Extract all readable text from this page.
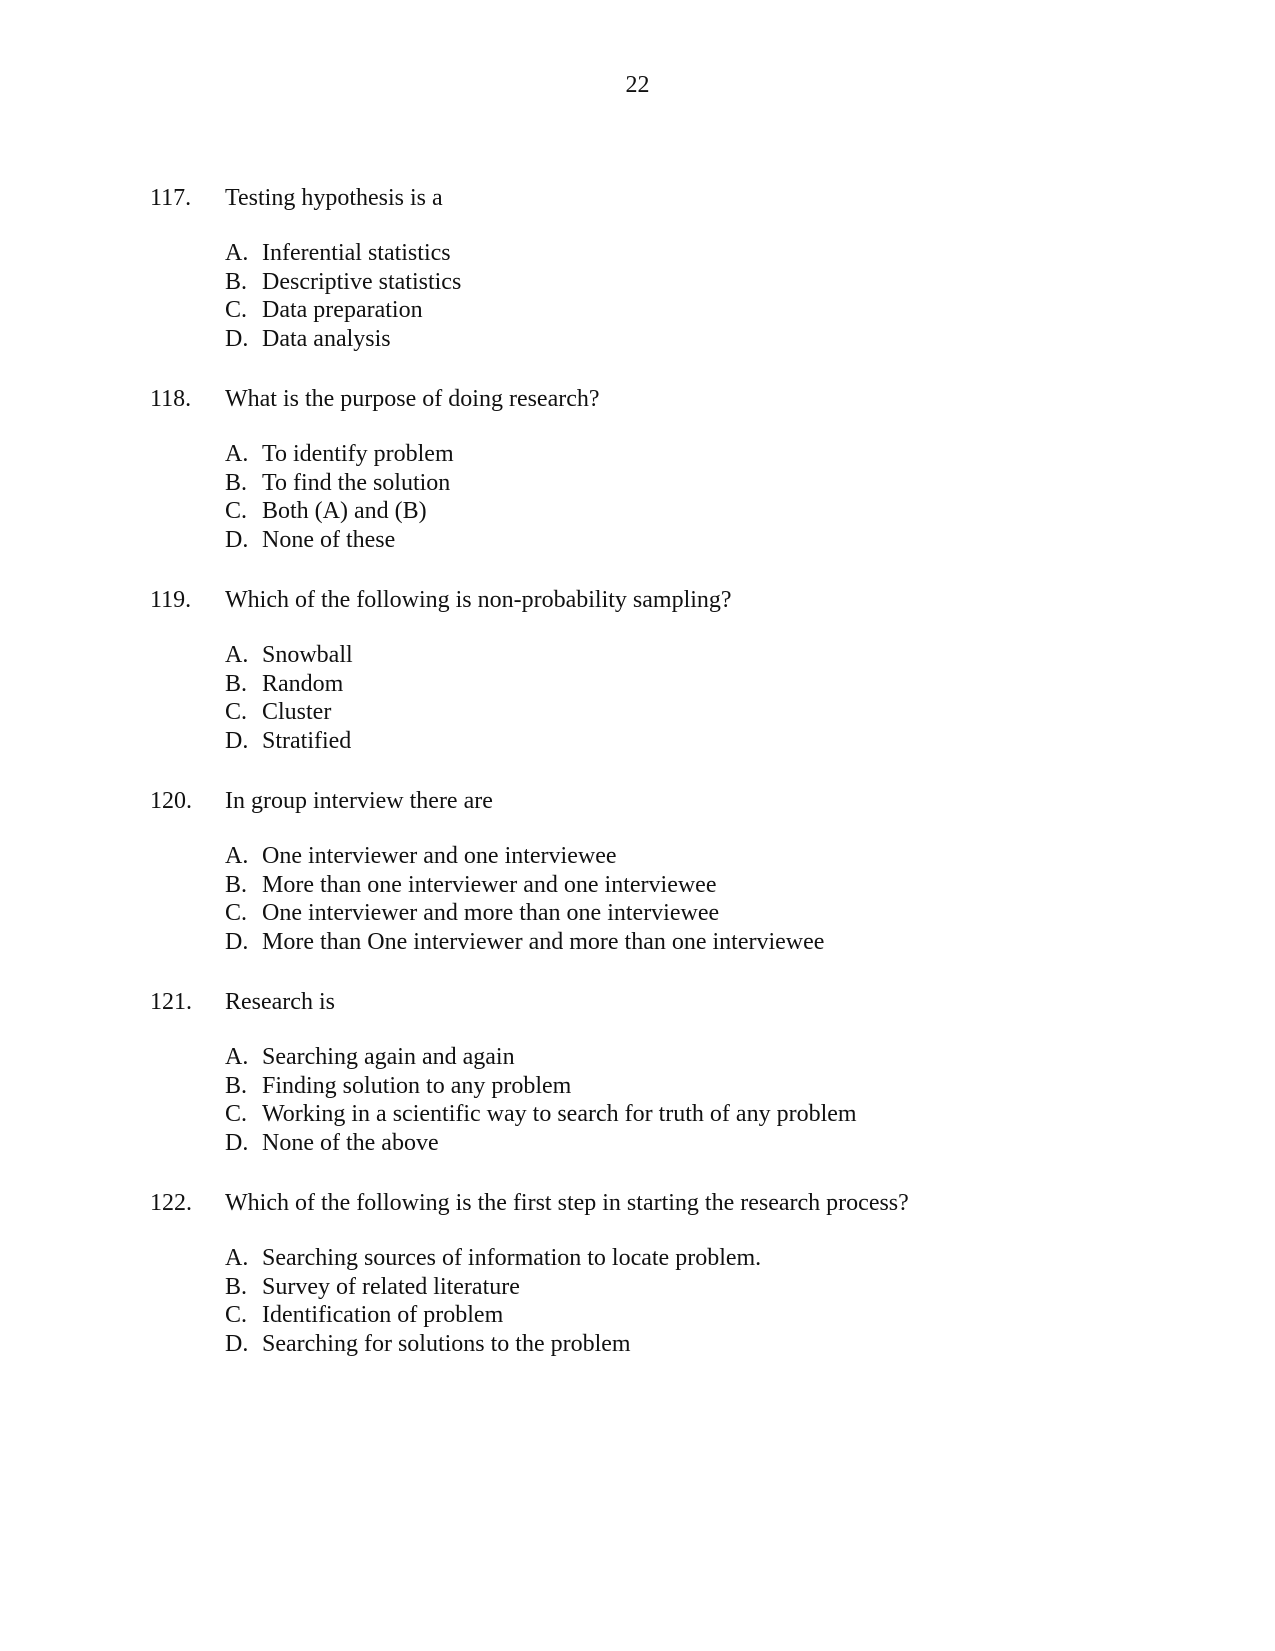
22
117.	Testing hypothesis is a
A. Inferential statistics
B. Descriptive statistics
C. Data preparation
D. Data analysis
118.	What is the purpose of doing research?
A. To identify problem
B. To find the solution
C. Both (A) and (B)
D. None of these
119.	Which of the following is non-probability sampling?
A. Snowball
B. Random
C. Cluster
D. Stratified
120.	In group interview there are
A. One interviewer and one interviewee
B. More than one interviewer and one interviewee
C. One interviewer and more than one interviewee
D. More than One interviewer and more than one interviewee
121.	Research is
A. Searching again and again
B. Finding solution to any problem
C. Working in a scientific way to search for truth of any problem
D. None of the above
122.	Which of the following is the first step in starting the research process?
A. Searching sources of information to locate problem.
B. Survey of related literature
C. Identification of problem
D. Searching for solutions to the problem
